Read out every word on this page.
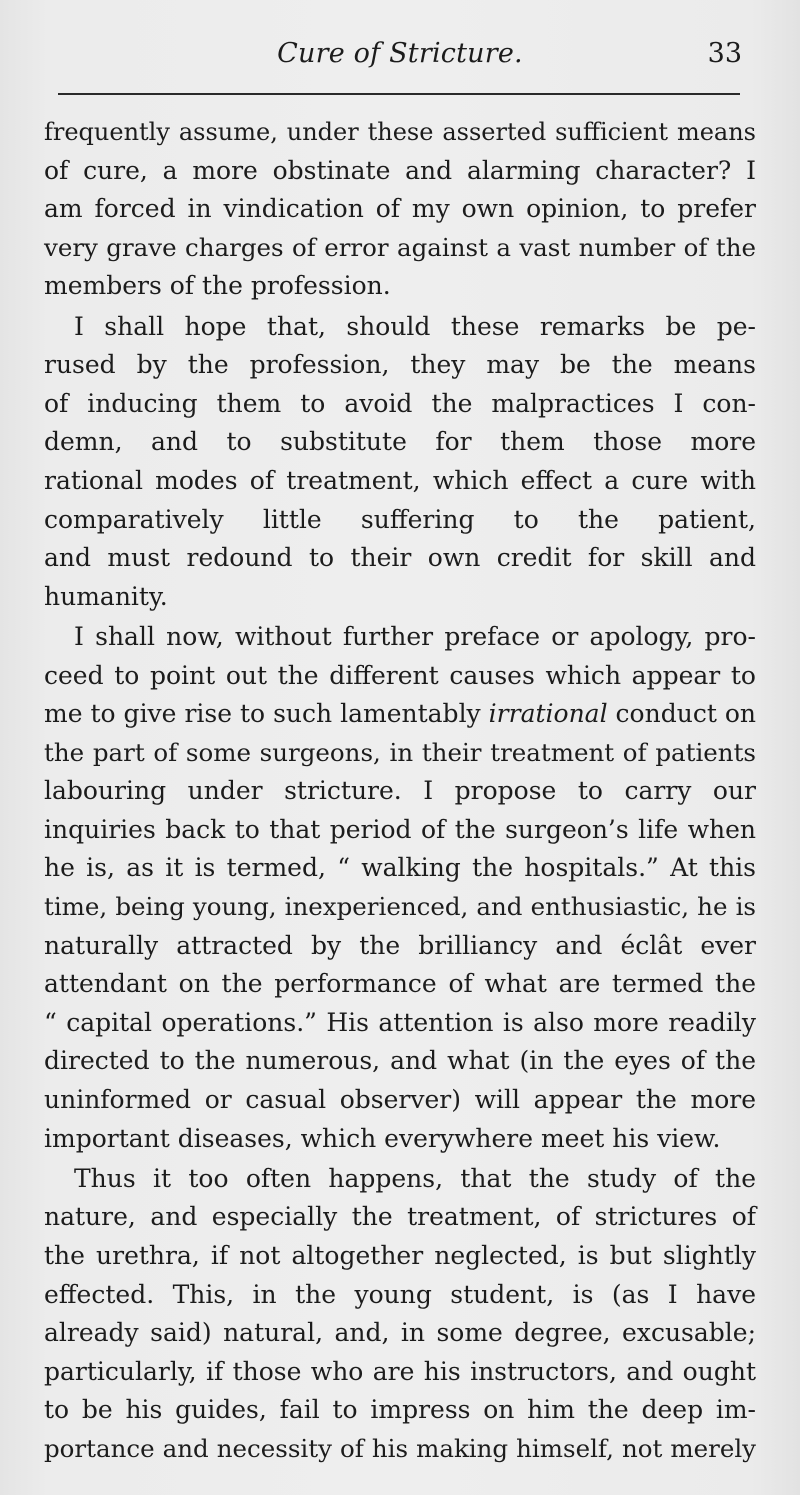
Cure of Stricture.	33
frequently assume, under these asserted sufficient means
of cure, a more obstinate and alarming character? I
am forced in vindication of my own opinion, to prefer
very grave charges of error against a vast number of the
members of the profession.
I shall hope that, should these remarks be pe-
rused by the profession, they may be the means
of inducing them to avoid the malpractices I con-
demn, and to substitute for them those more
rational modes of treatment, which effect a cure with
comparatively little suffering to the patient,
and must redound to their own credit for skill and
humanity.
I shall now, without further preface or apology, pro-
ceed to point out the different causes which appear to
me to give rise to such lamentably irrational conduct on
the part of some surgeons, in their treatment of patients
labouring under stricture. I propose to carry our
inquiries back to that period of the surgeon’s life when
he is, as it is termed, “ walking the hospitals.” At this
time, being young, inexperienced, and enthusiastic, he is
naturally attracted by the brilliancy and éclât ever
attendant on the performance of what are termed the
“ capital operations.” His attention is also more readily
directed to the numerous, and what (in the eyes of the
uninformed or casual observer) will appear the more
important diseases, which everywhere meet his view.
Thus it too often happens, that the study of the
nature, and especially the treatment, of strictures of
the urethra, if not altogether neglected, is but slightly
effected. This, in the young student, is (as I have
already said) natural, and, in some degree, excusable;
particularly, if those who are his instructors, and ought
to be his guides, fail to impress on him the deep im-
portance and necessity of his making himself, not merely
